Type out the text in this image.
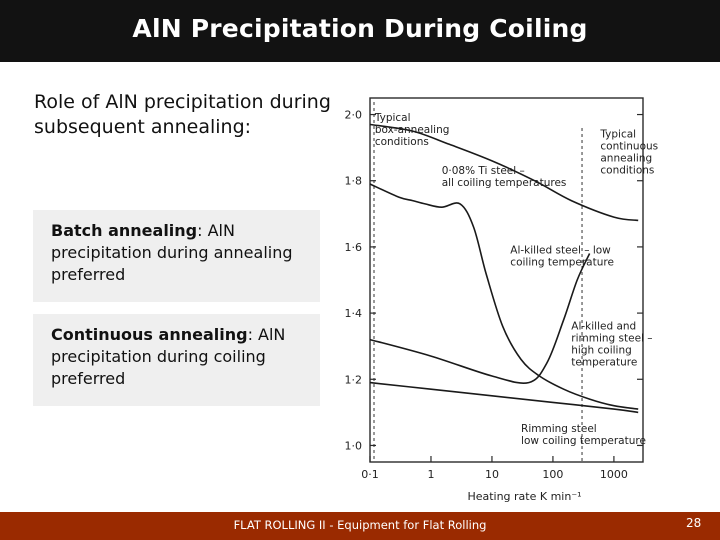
AlN Precipitation During Coiling
Role of AlN precipitation during subsequent annealing:
Batch annealing: AlN precipitation during annealing preferred
Continuous annealing: AlN precipitation during coiling preferred
1·0
1·2
1·4
1·6
1·8
2·0
0·1	1	10	100	1000
Heating rate K min⁻¹
Typical box-annealing conditions
Typical continuous annealing conditions
0·08% Ti steel – all coiling temperatures
Al-killed steel – low coiling temperature
Al-killed and rimming steel – high coiling temperature
Rimming steel low coiling temperature
FLAT ROLLING II - Equipment for Flat Rolling	28
